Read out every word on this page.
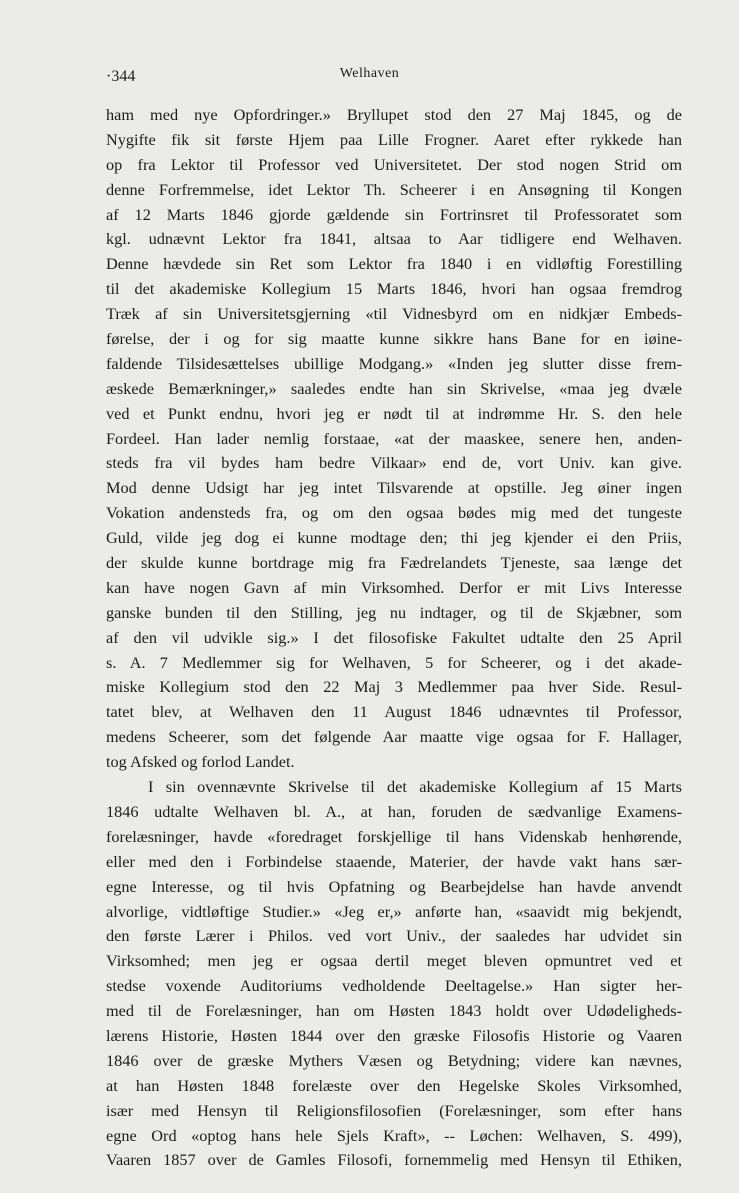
·344	Welhaven
ham med nye Opfordringer.» Bryllupet stod den 27 Maj 1845, og de
Nygifte fik sit første Hjem paa Lille Frogner. Aaret efter rykkede han
op fra Lektor til Professor ved Universitetet. Der stod nogen Strid om
denne Forfremmelse, idet Lektor Th. Scheerer i en Ansøgning til Kongen
af 12 Marts 1846 gjorde gældende sin Fortrinsret til Professoratet som
kgl. udnævnt Lektor fra 1841, altsaa to Aar tidligere end Welhaven.
Denne hævdede sin Ret som Lektor fra 1840 i en vidløftig Forestilling
til det akademiske Kollegium 15 Marts 1846, hvori han ogsaa fremdrog
Træk af sin Universitetsgjerning «til Vidnesbyrd om en nidkjær Embeds-
førelse, der i og for sig maatte kunne sikkre hans Bane for en iøine-
faldende Tilsidesættelses ubillige Modgang.» «Inden jeg slutter disse frem-
æskede Bemærkninger,» saaledes endte han sin Skrivelse, «maa jeg dvæle
ved et Punkt endnu, hvori jeg er nødt til at indrømme Hr. S. den hele
Fordeel. Han lader nemlig forstaae, «at der maaskee, senere hen, anden-
steds fra vil bydes ham bedre Vilkaar» end de, vort Univ. kan give.
Mod denne Udsigt har jeg intet Tilsvarende at opstille. Jeg øiner ingen
Vokation andensteds fra, og om den ogsaa bødes mig med det tungeste
Guld, vilde jeg dog ei kunne modtage den; thi jeg kjender ei den Priis,
der skulde kunne bortdrage mig fra Fædrelandets Tjeneste, saa længe det
kan have nogen Gavn af min Virksomhed. Derfor er mit Livs Interesse
ganske bunden til den Stilling, jeg nu indtager, og til de Skjæbner, som
af den vil udvikle sig.» I det filosofiske Fakultet udtalte den 25 April
s. A. 7 Medlemmer sig for Welhaven, 5 for Scheerer, og i det akade-
miske Kollegium stod den 22 Maj 3 Medlemmer paa hver Side. Resul-
tatet blev, at Welhaven den 11 August 1846 udnævntes til Professor,
medens Scheerer, som det følgende Aar maatte vige ogsaa for F. Hallager,
tog Afsked og forlod Landet.
I sin ovennævnte Skrivelse til det akademiske Kollegium af 15 Marts
1846 udtalte Welhaven bl. A., at han, foruden de sædvanlige Examens-
forelæsninger, havde «foredraget forskjellige til hans Videnskab henhørende,
eller med den i Forbindelse staaende, Materier, der havde vakt hans sær-
egne Interesse, og til hvis Opfatning og Bearbejdelse han havde anvendt
alvorlige, vidtløftige Studier.» «Jeg er,» anførte han, «saavidt mig bekjendt,
den første Lærer i Philos. ved vort Univ., der saaledes har udvidet sin
Virksomhed; men jeg er ogsaa dertil meget bleven opmuntret ved et
stedse voxende Auditoriums vedholdende Deeltagelse.» Han sigter her-
med til de Forelæsninger, han om Høsten 1843 holdt over Udødeligheds-
lærens Historie, Høsten 1844 over den græske Filosofis Historie og Vaaren
1846 over de græske Mythers Væsen og Betydning; videre kan nævnes,
at han Høsten 1848 forelæste over den Hegelske Skoles Virksomhed,
især med Hensyn til Religionsfilosofien (Forelæsninger, som efter hans
egne Ord «optog hans hele Sjels Kraft», -- Løchen: Welhaven, S. 499),
Vaaren 1857 over de Gamles Filosofi, fornemmelig med Hensyn til Ethiken,
